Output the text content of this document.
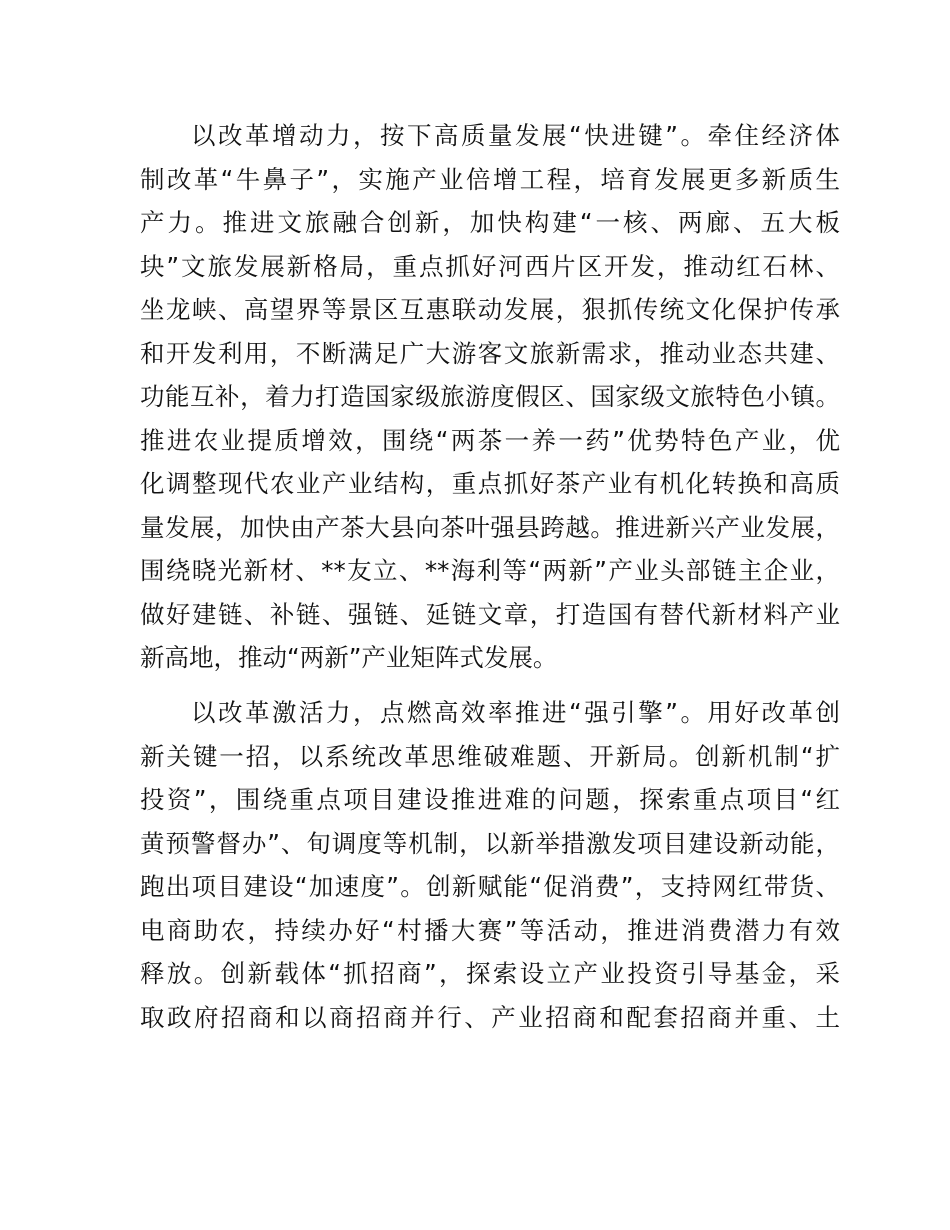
以改革增动力，按下高质量发展“快进键”。牵住经济体
制改革“牛鼻子”，实施产业倍增工程，培育发展更多新质生
产力。推进文旅融合创新，加快构建“一核、两廊、五大板
块”文旅发展新格局，重点抓好河西片区开发，推动红石林、
坐龙峡、高望界等景区互惠联动发展，狠抓传统文化保护传承
和开发利用，不断满足广大游客文旅新需求，推动业态共建、
功能互补，着力打造国家级旅游度假区、国家级文旅特色小镇。
推进农业提质增效，围绕“两茶一养一药”优势特色产业，优
化调整现代农业产业结构，重点抓好茶产业有机化转换和高质
量发展，加快由产茶大县向茶叶强县跨越。推进新兴产业发展，
围绕晓光新材、**友立、**海利等“两新”产业头部链主企业，
做好建链、补链、强链、延链文章，打造国有替代新材料产业
新高地，推动“两新”产业矩阵式发展。
以改革激活力，点燃高效率推进“强引擎”。用好改革创
新关键一招，以系统改革思维破难题、开新局。创新机制“扩
投资”，围绕重点项目建设推进难的问题，探索重点项目“红
黄预警督办”、旬调度等机制，以新举措激发项目建设新动能，
跑出项目建设“加速度”。创新赋能“促消费”，支持网红带货、
电商助农，持续办好“村播大赛”等活动，推进消费潜力有效
释放。创新载体“抓招商”，探索设立产业投资引导基金，采
取政府招商和以商招商并行、产业招商和配套招商并重、土
